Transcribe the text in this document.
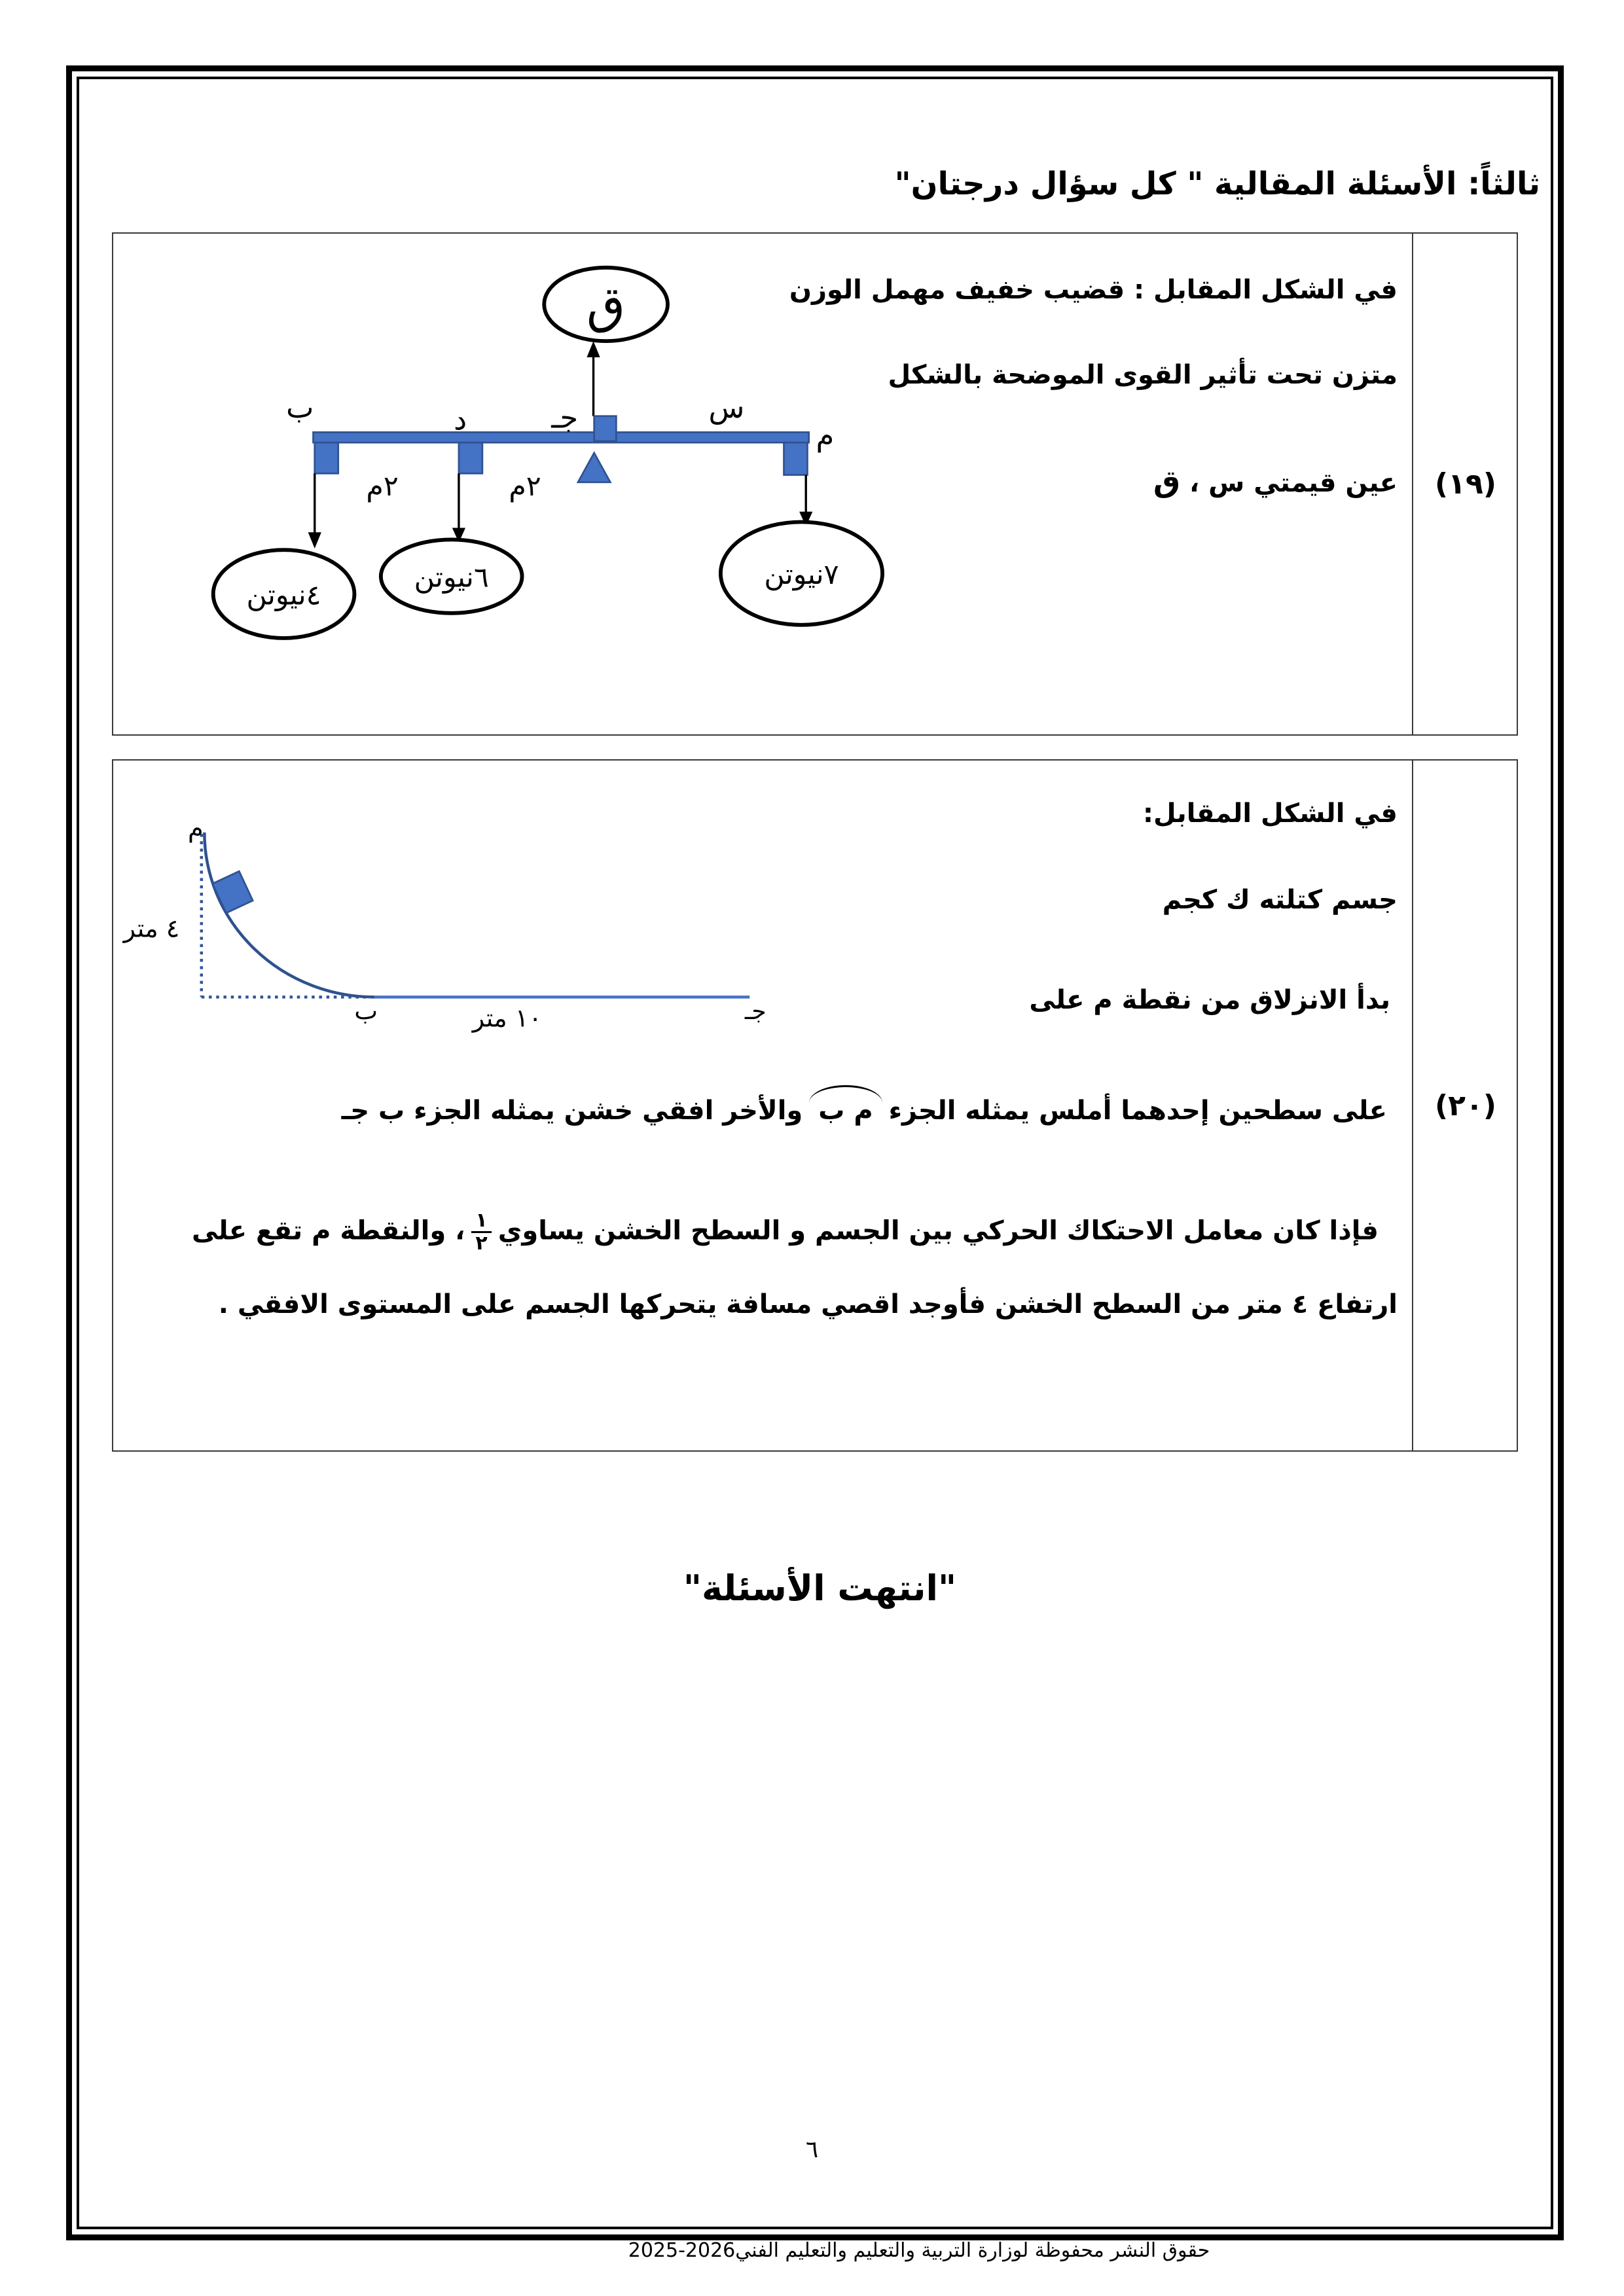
ثالثاً: الأسئلة المقالية " كل سؤال درجتان"
(١٩)
في الشكل المقابل : قضيب خفيف مهمل الوزن
متزن تحت تأثير القوى الموضحة بالشكل
عين قيمتي س ، ق
ق
ب	د	جـ	س
م
٢م	٢م
٤نيوتن
٦نيوتن	٧نيوتن
(٢٠)
في الشكل المقابل:
جسم كتلته ك كجم
بدأ الانزلاق من نقطة م على
على سطحين إحدهما أملس يمثله الجزء م ب والأخر افقي خشن يمثله الجزء ب جـ
فإذا كان معامل الاحتكاك الحركي بين الجسم و السطح الخشن يساوي
$\frac{١}{٢}$
، والنقطة م تقع على
ارتفاع ٤ متر من السطح الخشن فأوجد اقصي مسافة يتحركها الجسم على المستوى الافقي .
م
٤ متر
ب	١٠ متر	جـ
"انتهت الأسئلة"
٦
حقوق النشر محفوظة لوزارة التربية والتعليم والتعليم الفني2026-2025
